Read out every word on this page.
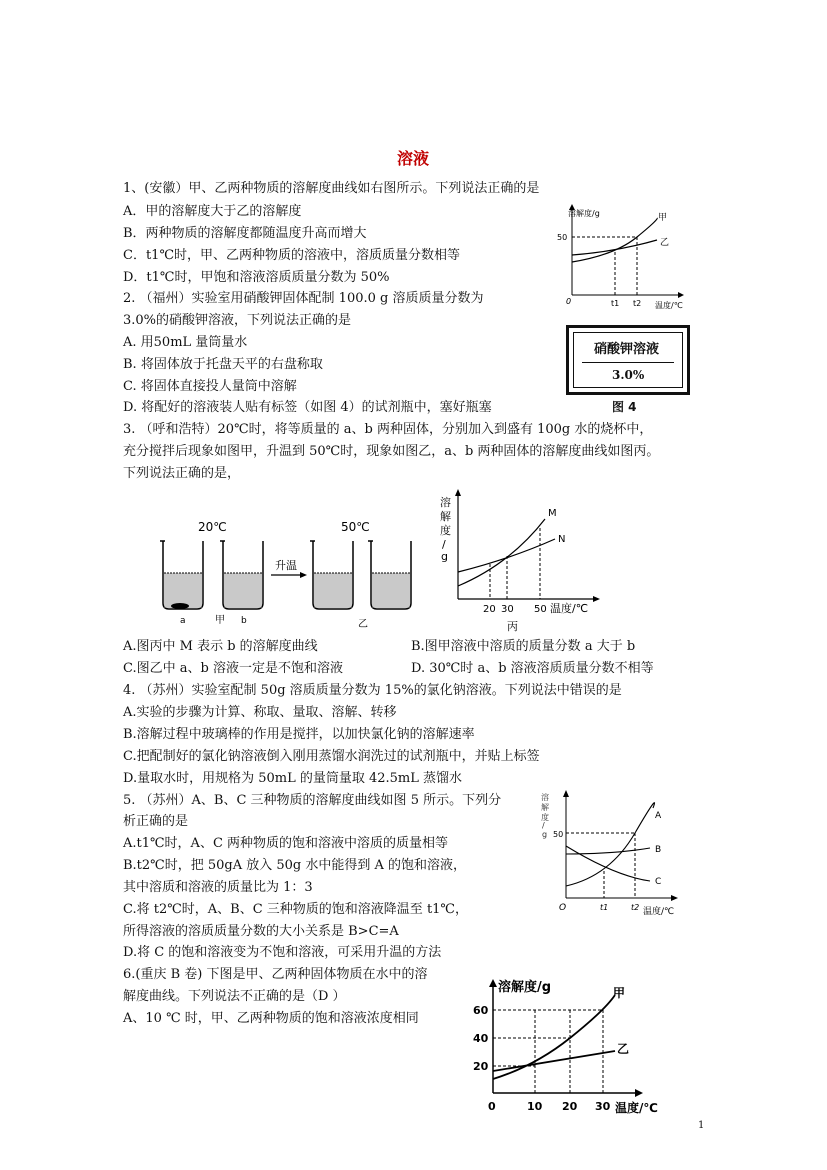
溶液
1、(安徽）甲、乙两种物质的溶解度曲线如右图所示。下列说法正确的是
A．甲的溶解度大于乙的溶解度
B．两种物质的溶解度都随温度升高而增大
C．t1℃时，甲、乙两种物质的溶液中，溶质质量分数相等
D．t1℃时，甲饱和溶液溶质质量分数为 50%
溶解度/g
50
0	t1 t2 温度/℃
甲
乙
2. （福州）实验室用硝酸钾固体配制 100.0 g 溶质质量分数为
3.0%的硝酸钾溶液，下列说法正确的是
A. 用50mL 量筒量水
B. 将固体放于托盘天平的右盘称取
C. 将固体直接投人量筒中溶解
D. 将配好的溶液装人贴有标签（如图 4）的试剂瓶中，塞好瓶塞
硝酸钾溶液
3.0%
图 4
3. （呼和浩特）20℃时，将等质量的 a、b 两种固体，分别加入到盛有 100g 水的烧杯中，
充分搅拌后现象如图甲，升温到 50℃时，现象如图乙，a、b 两种固体的溶解度曲线如图丙。
下列说法正确的是，
20℃	50℃
升温
a	b
甲	乙
溶
解
度
/
g
M
N
20 30 50 温度/℃
丙
A.图丙中 M 表示 b 的溶解度曲线	B.图甲溶液中溶质的质量分数 a 大于 b
C.图乙中 a、b 溶液一定是不饱和溶液	D. 30℃时 a、b 溶液溶质质量分数不相等
4. （苏州）实验室配制 50g 溶质质量分数为 15%的氯化钠溶液。下列说法中错误的是
A.实验的步骤为计算、称取、量取、溶解、转移
B.溶解过程中玻璃棒的作用是搅拌，以加快氯化钠的溶解速率
C.把配制好的氯化钠溶液倒入刚用蒸馏水润洗过的试剂瓶中，并贴上标签
D.量取水时，用规格为 50mL 的量筒量取 42.5mL 蒸馏水
5. （苏州）A、B、C 三种物质的溶解度曲线如图 5 所示。下列分
析正确的是
A.t1℃时，A、C 两种物质的饱和溶液中溶质的质量相等
B.t2℃时，把 50gA 放入 50g 水中能得到 A 的饱和溶液，
其中溶质和溶液的质量比为 1：3
C.将 t2℃时，A、B、C 三种物质的饱和溶液降温至 t1℃，
所得溶液的溶质质量分数的大小关系是 B>C=A
D.将 C 的饱和溶液变为不饱和溶液，可采用升温的方法
溶
解
度
/
g 50
O	t1	t2 温度/℃
A
B
C
6.(重庆 B 卷) 下图是甲、乙两种固体物质在水中的溶
解度曲线。下列说法不正确的是（D ）
A、10 ℃ 时，甲、乙两种物质的饱和溶液浓度相同
溶解度/g	甲
乙
60
40
20
0	10 20 30 温度/℃
1
